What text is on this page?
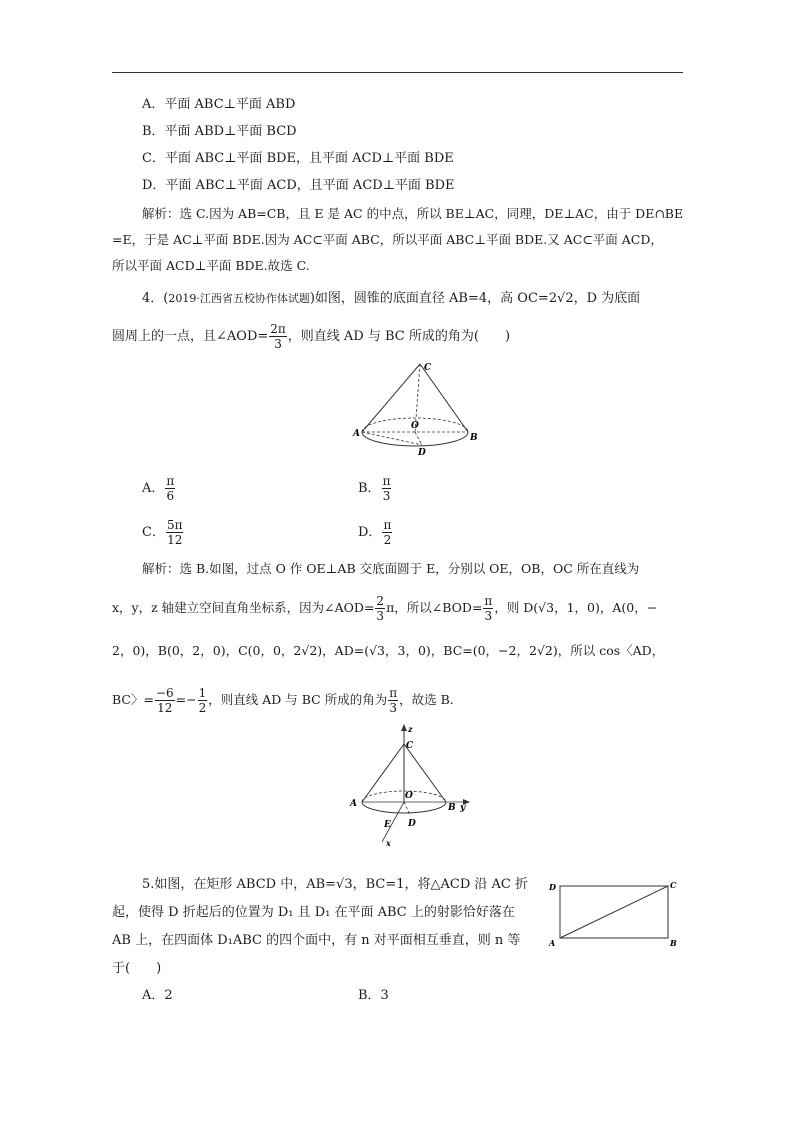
A．平面 ABC⊥平面 ABD
B．平面 ABD⊥平面 BCD
C．平面 ABC⊥平面 BDE，且平面 ACD⊥平面 BDE
D．平面 ABC⊥平面 ACD，且平面 ACD⊥平面 BDE
解析：选 C.因为 AB=CB，且 E 是 AC 的中点，所以 BE⊥AC，同理，DE⊥AC，由于 DE∩BE
=E，于是 AC⊥平面 BDE.因为 AC⊂平面 ABC，所以平面 ABC⊥平面 BDE.又 AC⊂平面 ACD，
所以平面 ACD⊥平面 BDE.故选 C.
4．(2019·江西省五校协作体试题)如图，圆锥的底面直径 AB=4，高 OC=2√2，D 为底面
圆周上的一点，且∠AOD= $\frac{2\pi}{3}$ ，则直线 AD 与 BC 所成的角为(　　)
C
O
A	B
D
A． $\frac{\pi}{6}$	B． $\frac{\pi}{3}$
C． $\frac{5\pi}{12}$	D． $\frac{\pi}{2}$
解析：选 B.如图，过点 O 作 OE⊥AB 交底面圆于 E，分别以 OE，OB，OC 所在直线为
x，y，z 轴建立空间直角坐标系，因为∠AOD= $\frac{2}{3}$ π，所以∠BOD= $\frac{\pi}{3}$ ，则 D(√3，1，0)，A(0，−
2，0)，B(0，2，0)，C(0，0，2√2)，AD=(√3，3，0)，BC=(0，−2，2√2)，所以 cos〈AD，
BC〉= $\frac{-6}{12} =- \frac{1}{2}$ ，则直线 AD 与 BC 所成的角为 $\frac{\pi}{3}$ ，故选 B.
z
C
O
A	B y
E D
x
5.如图，在矩形 ABCD 中，AB=√3，BC=1，将△ACD 沿 AC 折
起，使得 D 折起后的位置为 D₁ 且 D₁ 在平面 ABC 上的射影恰好落在
AB 上，在四面体 D₁ABC 的四个面中，有 n 对平面相互垂直，则 n 等
于(　　)
A．2	B．3
D	C
A	B
